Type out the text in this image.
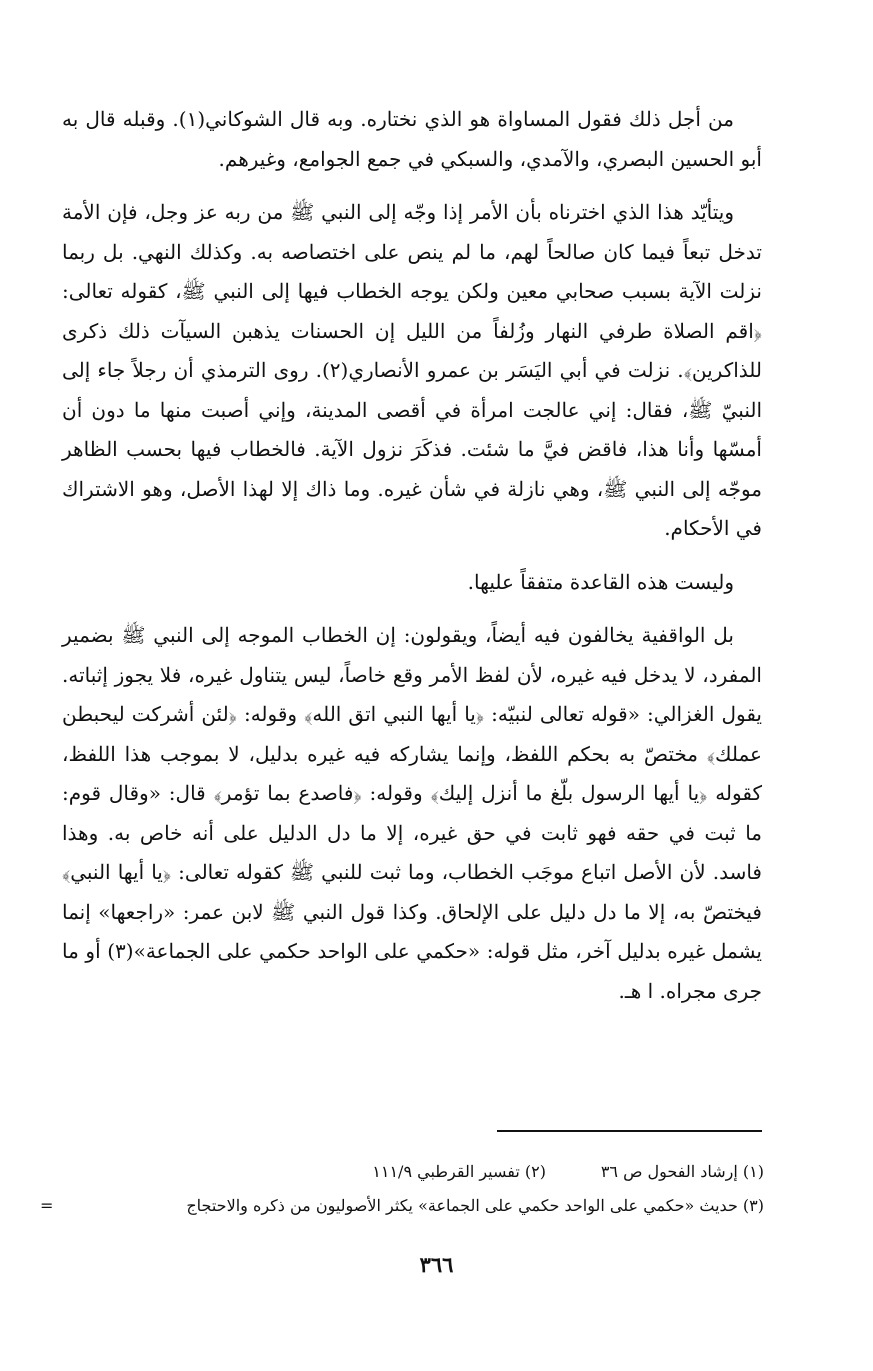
من أجل ذلك فقول المساواة هو الذي نختاره. وبه قال الشوكاني(١). وقبله قال به أبو الحسين البصري، والآمدي، والسبكي في جمع الجوامع، وغيرهم.

ويتأيّد هذا الذي اخترناه بأن الأمر إذا وجّه إلى النبي ﷺ من ربه عز وجل، فإن الأمة تدخل تبعاً فيما كان صالحاً لهم، ما لم ينص على اختصاصه به. وكذلك النهي. بل ربما نزلت الآية بسبب صحابي معين ولكن يوجه الخطاب فيها إلى النبي ﷺ، كقوله تعالى: ﴿اقم الصلاة طرفي النهار وزُلفاً من الليل إن الحسنات يذهبن السيآت ذلك ذكرى للذاكرين﴾. نزلت في أبي اليَسَر بن عمرو الأنصاري(٢). روى الترمذي أن رجلاً جاء إلى النبيّ ﷺ، فقال: إني عالجت امرأة في أقصى المدينة، وإني أصبت منها ما دون أن أمسّها وأنا هذا، فاقض فيَّ ما شئت. فذكَرَ نزول الآية. فالخطاب فيها بحسب الظاهر موجّه إلى النبي ﷺ، وهي نازلة في شأن غيره. وما ذاك إلا لهذا الأصل، وهو الاشتراك في الأحكام.

وليست هذه القاعدة متفقاً عليها.

بل الواقفية يخالفون فيه أيضاً، ويقولون: إن الخطاب الموجه إلى النبي ﷺ بضمير المفرد، لا يدخل فيه غيره، لأن لفظ الأمر وقع خاصاً، ليس يتناول غيره، فلا يجوز إثباته. يقول الغزالي: «قوله تعالى لنبيّه: ﴿يا أيها النبي اتق الله﴾ وقوله: ﴿لئن أشركت ليحبطن عملك﴾ مختصّ به بحكم اللفظ، وإنما يشاركه فيه غيره بدليل، لا بموجب هذا اللفظ، كقوله ﴿يا أيها الرسول بلّغ ما أنزل إليك﴾ وقوله: ﴿فاصدع بما تؤمر﴾ قال: «وقال قوم: ما ثبت في حقه فهو ثابت في حق غيره، إلا ما دل الدليل على أنه خاص به. وهذا فاسد. لأن الأصل اتباع موجَب الخطاب، وما ثبت للنبي ﷺ كقوله تعالى: ﴿يا أيها النبي﴾ فيختصّ به، إلا ما دل دليل على الإلحاق. وكذا قول النبي ﷺ لابن عمر: «راجعها» إنما يشمل غيره بدليل آخر، مثل قوله: «حكمي على الواحد حكمي على الجماعة»(٣) أو ما جرى مجراه. ا هـ.

(١) إرشاد الفحول ص ٣٦
(٢) تفسير القرطبي ١١١/٩
(٣) حديث «حكمي على الواحد حكمي على الجماعة» يكثر الأصوليون من ذكره والاحتجاج
=
٣٦٦
